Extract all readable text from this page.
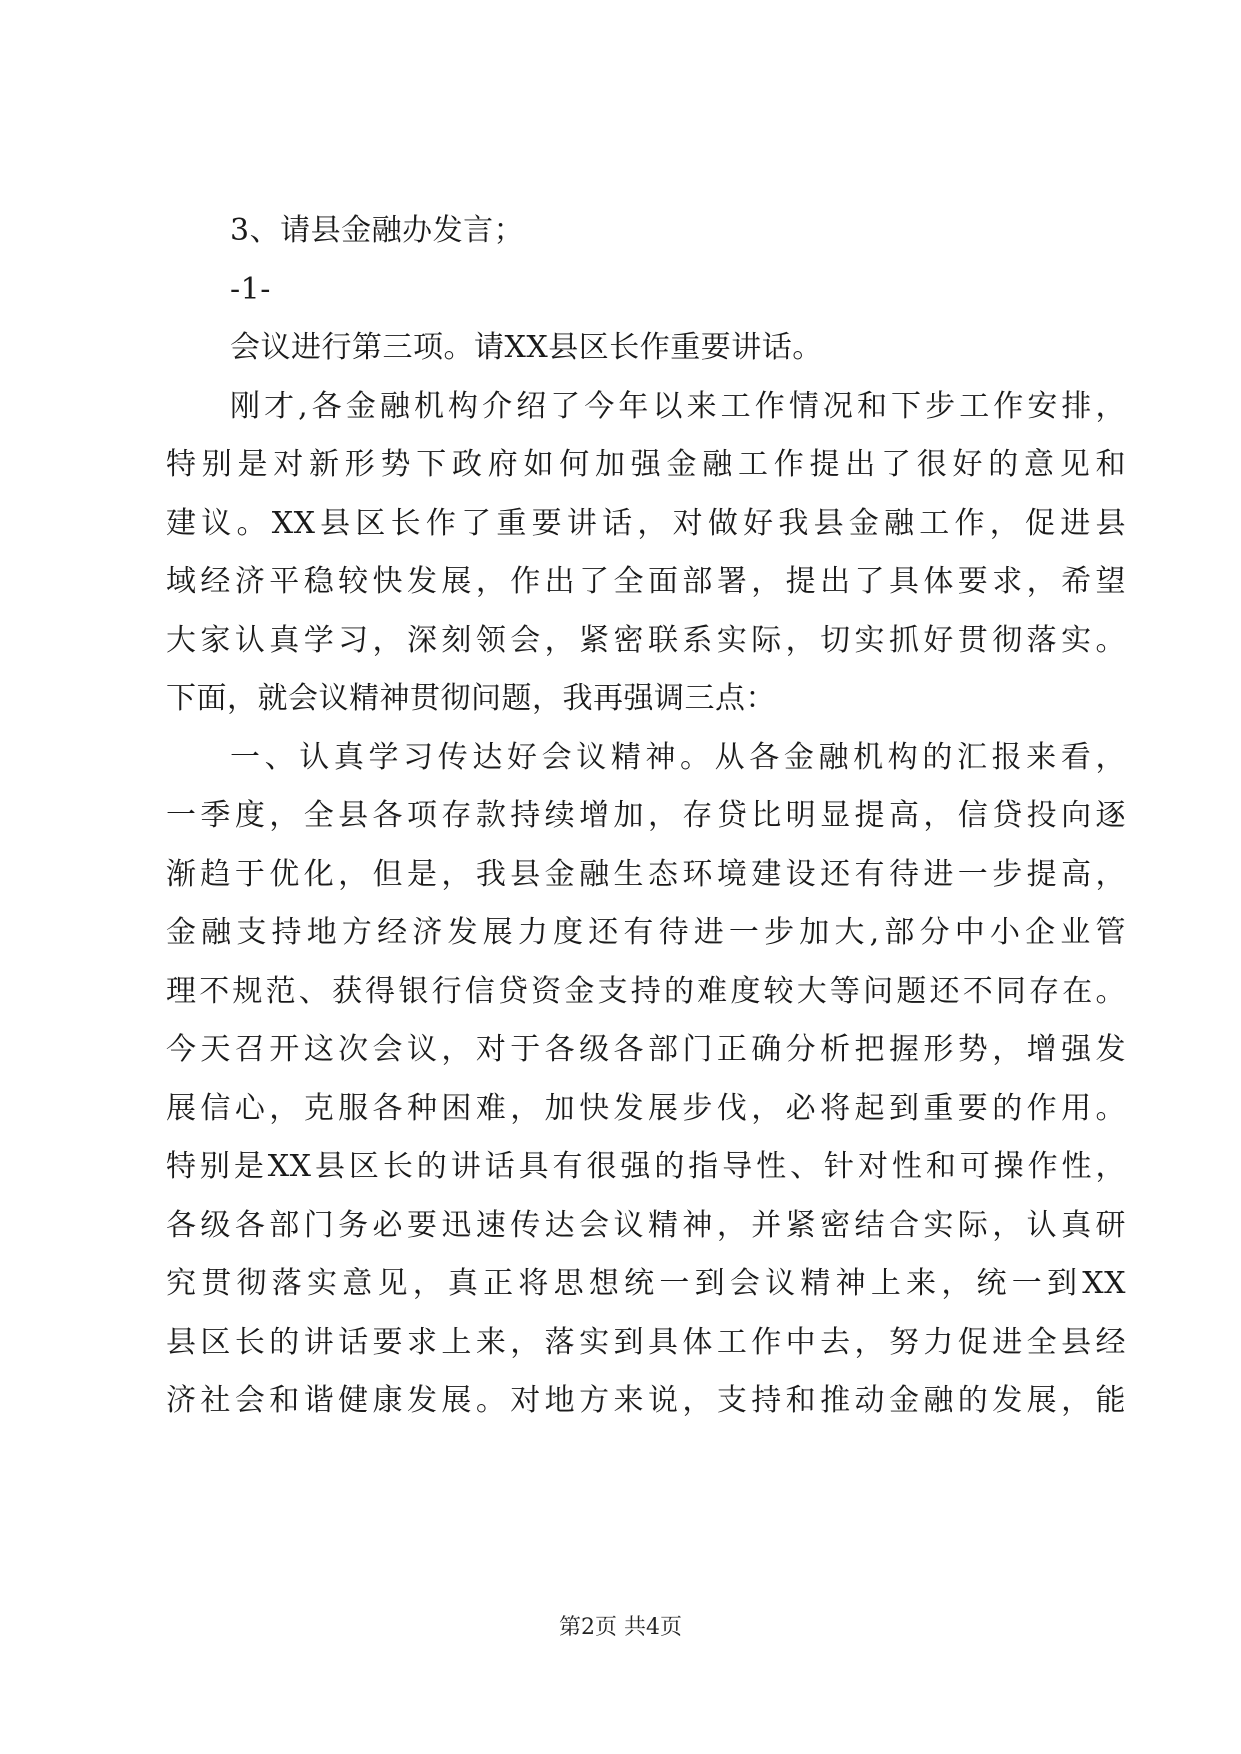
3、请县金融办发言；
-1-
会议进行第三项。请XX县区长作重要讲话。
刚才,各金融机构介绍了今年以来工作情况和下步工作安排，
特别是对新形势下政府如何加强金融工作提出了很好的意见和
建议。XX县区长作了重要讲话，对做好我县金融工作，促进县
域经济平稳较快发展，作出了全面部署，提出了具体要求，希望
大家认真学习，深刻领会，紧密联系实际，切实抓好贯彻落实。
下面，就会议精神贯彻问题，我再强调三点：
一、认真学习传达好会议精神。从各金融机构的汇报来看，
一季度，全县各项存款持续增加，存贷比明显提高，信贷投向逐
渐趋于优化，但是，我县金融生态环境建设还有待进一步提高，
金融支持地方经济发展力度还有待进一步加大,部分中小企业管
理不规范、获得银行信贷资金支持的难度较大等问题还不同存在。
今天召开这次会议，对于各级各部门正确分析把握形势，增强发
展信心，克服各种困难，加快发展步伐，必将起到重要的作用。
特别是XX县区长的讲话具有很强的指导性、针对性和可操作性，
各级各部门务必要迅速传达会议精神，并紧密结合实际，认真研
究贯彻落实意见，真正将思想统一到会议精神上来，统一到XX
县区长的讲话要求上来，落实到具体工作中去，努力促进全县经
济社会和谐健康发展。对地方来说，支持和推动金融的发展，能
第2页 共4页
